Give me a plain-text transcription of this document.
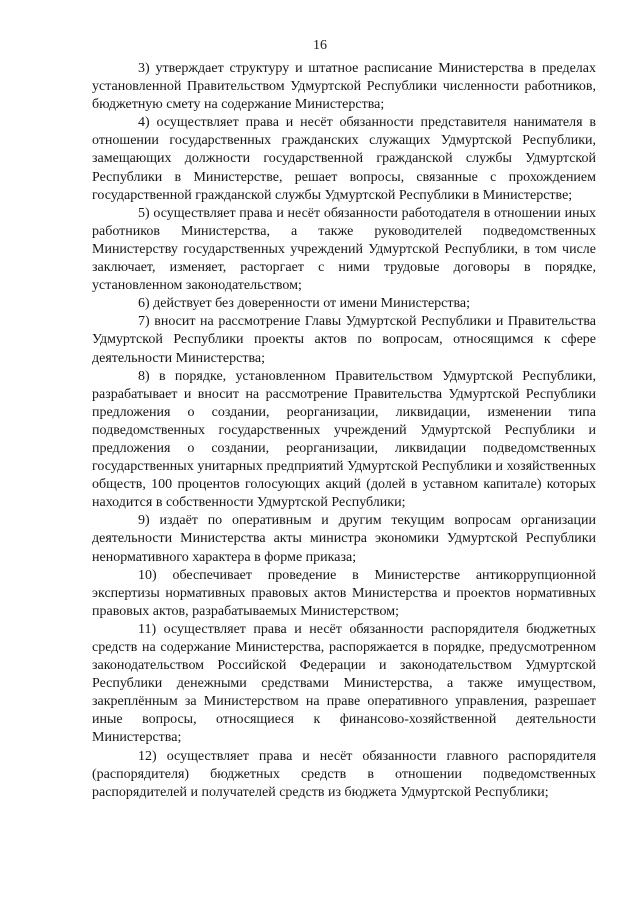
16

3) утверждает структуру и штатное расписание Министерства в пределах установленной Правительством Удмуртской Республики численности работников, бюджетную смету на содержание Министерства;

4) осуществляет права и несёт обязанности представителя нанимателя в отношении государственных гражданских служащих Удмуртской Республики, замещающих должности государственной гражданской службы Удмуртской Республики в Министерстве, решает вопросы, связанные с прохождением государственной гражданской службы Удмуртской Республики в Министерстве;

5) осуществляет права и несёт обязанности работодателя в отношении иных работников Министерства, а также руководителей подведомственных Министерству государственных учреждений Удмуртской Республики, в том числе заключает, изменяет, расторгает с ними трудовые договоры в порядке, установленном законодательством;

6) действует без доверенности от имени Министерства;

7) вносит на рассмотрение Главы Удмуртской Республики и Правительства Удмуртской Республики проекты актов по вопросам, относящимся к сфере деятельности Министерства;

8) в порядке, установленном Правительством Удмуртской Республики, разрабатывает и вносит на рассмотрение Правительства Удмуртской Республики предложения о создании, реорганизации, ликвидации, изменении типа подведомственных государственных учреждений Удмуртской Республики и предложения о создании, реорганизации, ликвидации подведомственных государственных унитарных предприятий Удмуртской Республики и хозяйственных обществ, 100 процентов голосующих акций (долей в уставном капитале) которых находится в собственности Удмуртской Республики;

9) издаёт по оперативным и другим текущим вопросам организации деятельности Министерства акты министра экономики Удмуртской Республики ненормативного характера в форме приказа;

10) обеспечивает проведение в Министерстве антикоррупционной экспертизы нормативных правовых актов Министерства и проектов нормативных правовых актов, разрабатываемых Министерством;

11) осуществляет права и несёт обязанности распорядителя бюджетных средств на содержание Министерства, распоряжается в порядке, предусмотренном законодательством Российской Федерации и законодательством Удмуртской Республики денежными средствами Министерства, а также имуществом, закреплённым за Министерством на праве оперативного управления, разрешает иные вопросы, относящиеся к финансово-хозяйственной деятельности Министерства;

12) осуществляет права и несёт обязанности главного распорядителя (распорядителя) бюджетных средств в отношении подведомственных распорядителей и получателей средств из бюджета Удмуртской Республики;
